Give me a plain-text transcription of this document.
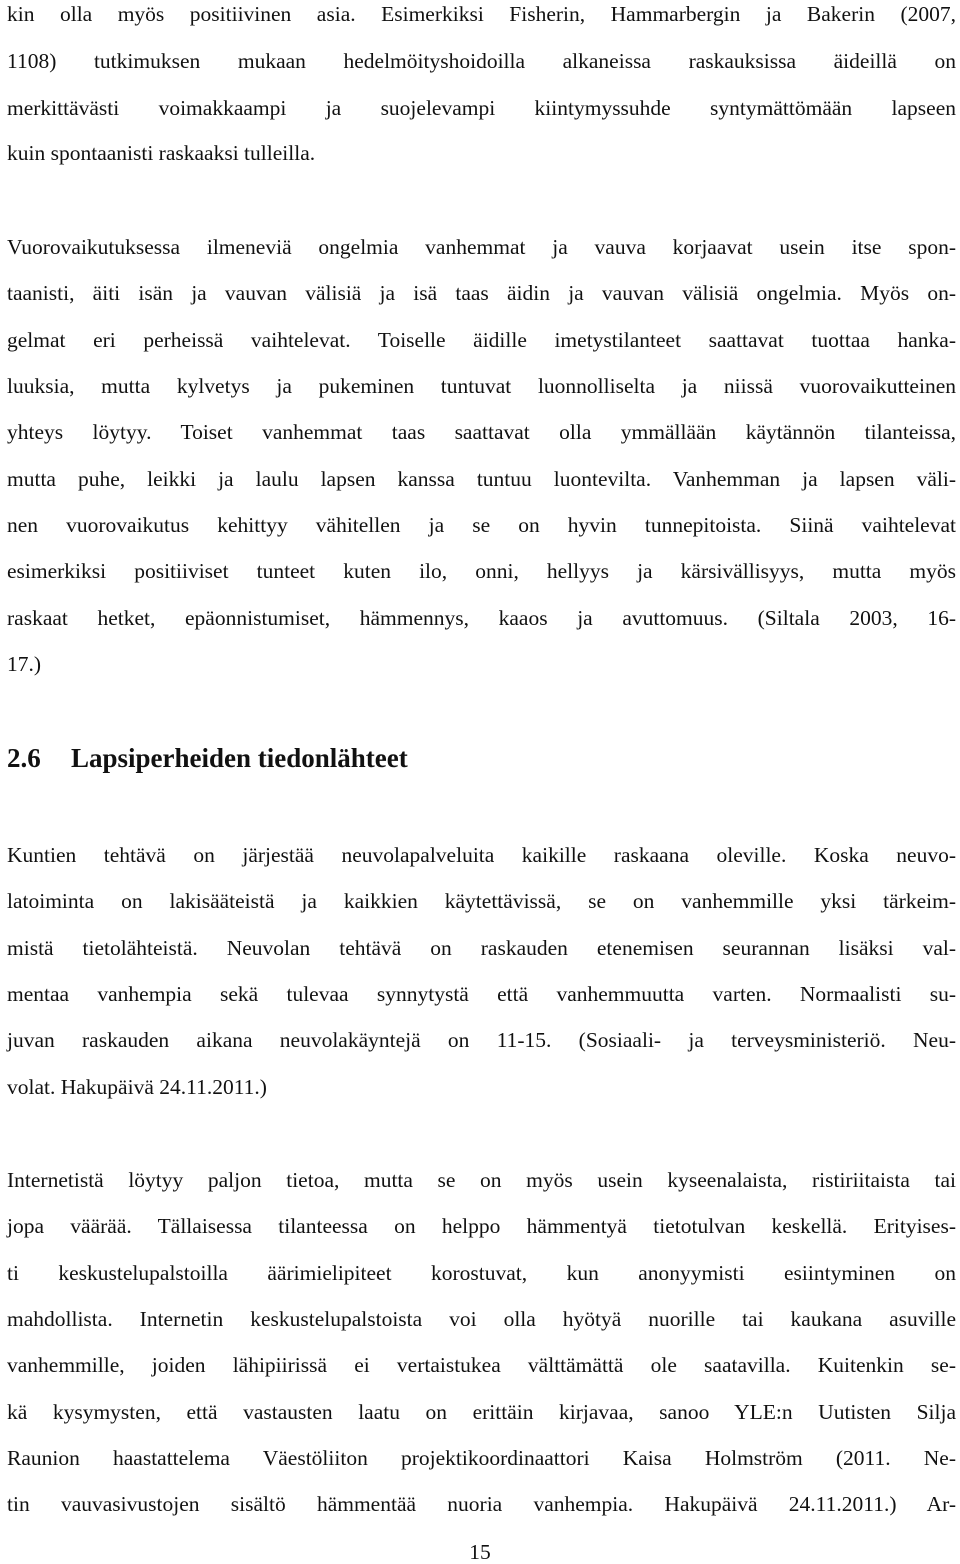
kin olla myös positiivinen asia. Esimerkiksi Fisherin, Hammarbergin ja Bakerin (2007,
1108) tutkimuksen mukaan hedelmöityshoidoilla alkaneissa raskauksissa äideillä on
merkittävästi voimakkaampi ja suojelevampi kiintymyssuhde syntymättömään lapseen
kuin spontaanisti raskaaksi tulleilla.
Vuorovaikutuksessa ilmeneviä ongelmia vanhemmat ja vauva korjaavat usein itse spon-
taanisti, äiti isän ja vauvan välisiä ja isä taas äidin ja vauvan välisiä ongelmia. Myös on-
gelmat eri perheissä vaihtelevat. Toiselle äidille imetystilanteet saattavat tuottaa hanka-
luuksia, mutta kylvetys ja pukeminen tuntuvat luonnolliselta ja niissä vuorovaikutteinen
yhteys löytyy. Toiset vanhemmat taas saattavat olla ymmällään käytännön tilanteissa,
mutta puhe, leikki ja laulu lapsen kanssa tuntuu luontevilta. Vanhemman ja lapsen väli-
nen vuorovaikutus kehittyy vähitellen ja se on hyvin tunnepitoista. Siinä vaihtelevat
esimerkiksi positiiviset tunteet kuten ilo, onni, hellyys ja kärsivällisyys, mutta myös
raskaat hetket, epäonnistumiset, hämmennys, kaaos ja avuttomuus. (Siltala 2003, 16-
17.)
2.6 Lapsiperheiden tiedonlähteet
Kuntien tehtävä on järjestää neuvolapalveluita kaikille raskaana oleville. Koska neuvo-
latoiminta on lakisääteistä ja kaikkien käytettävissä, se on vanhemmille yksi tärkeim-
mistä tietolähteistä. Neuvolan tehtävä on raskauden etenemisen seurannan lisäksi val-
mentaa vanhempia sekä tulevaa synnytystä että vanhemmuutta varten. Normaalisti su-
juvan raskauden aikana neuvolakäyntejä on 11-15. (Sosiaali- ja terveysministeriö. Neu-
volat. Hakupäivä 24.11.2011.)
Internetistä löytyy paljon tietoa, mutta se on myös usein kyseenalaista, ristiriitaista tai
jopa väärää. Tällaisessa tilanteessa on helppo hämmentyä tietotulvan keskellä. Erityises-
ti keskustelupalstoilla äärimielipiteet korostuvat, kun anonyymisti esiintyminen on
mahdollista. Internetin keskustelupalstoista voi olla hyötyä nuorille tai kaukana asuville
vanhemmille, joiden lähipiirissä ei vertaistukea välttämättä ole saatavilla. Kuitenkin se-
kä kysymysten, että vastausten laatu on erittäin kirjavaa, sanoo YLE:n Uutisten Silja
Raunion haastattelema Väestöliiton projektikoordinaattori Kaisa Holmström (2011. Ne-
tin vauvasivustojen sisältö hämmentää nuoria vanhempia. Hakupäivä 24.11.2011.) Ar-
15
